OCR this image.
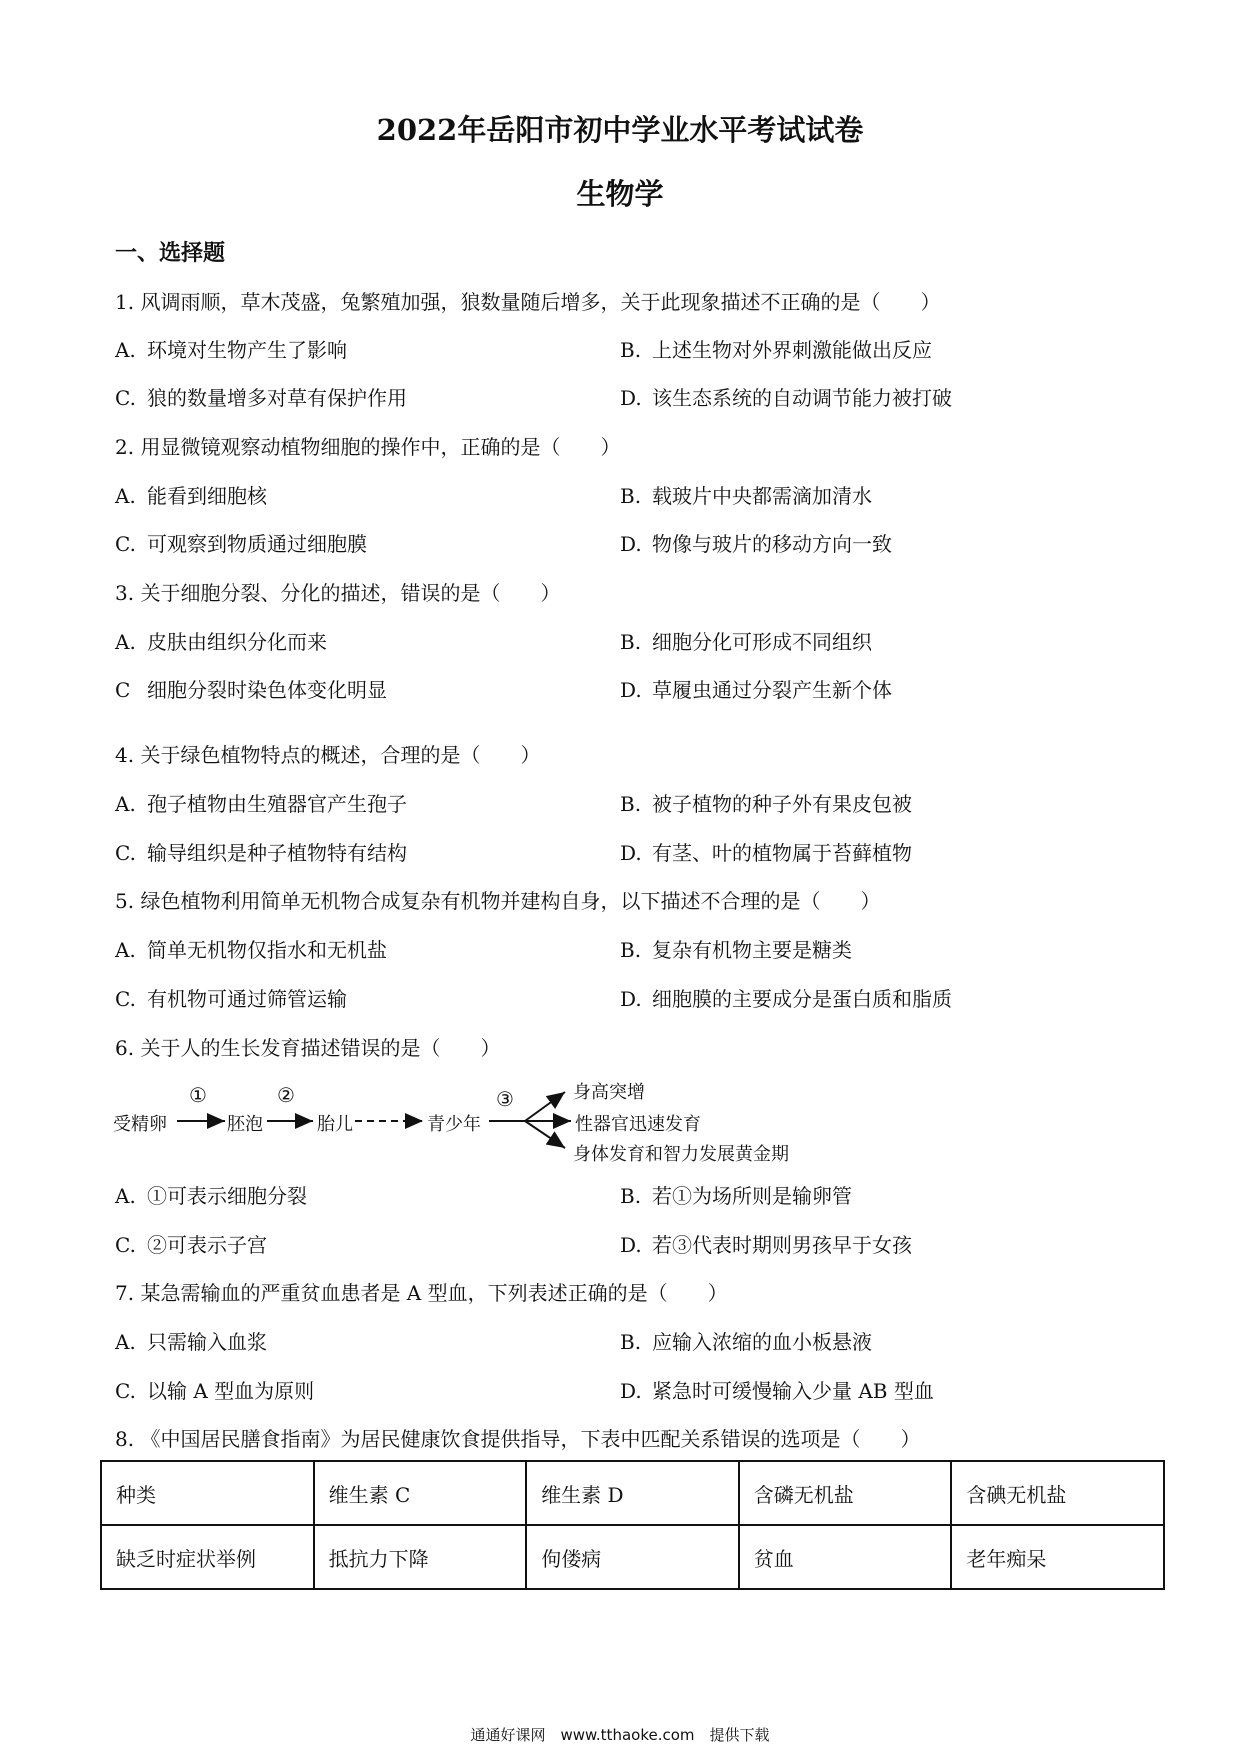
2022年岳阳市初中学业水平考试试卷
生物学
一、选择题
1. 风调雨顺，草木茂盛，兔繁殖加强，狼数量随后增多，关于此现象描述不正确的是（　　）
A. 环境对生物产生了影响	B. 上述生物对外界刺激能做出反应
C. 狼的数量增多对草有保护作用	D. 该生态系统的自动调节能力被打破
2. 用显微镜观察动植物细胞的操作中，正确的是（　　）
A. 能看到细胞核	B. 载玻片中央都需滴加清水
C. 可观察到物质通过细胞膜	D. 物像与玻片的移动方向一致
3. 关于细胞分裂、分化的描述，错误的是（　　）
A. 皮肤由组织分化而来	B. 细胞分化可形成不同组织
C 细胞分裂时染色体变化明显	D. 草履虫通过分裂产生新个体
4. 关于绿色植物特点的概述，合理的是（　　）
A. 孢子植物由生殖器官产生孢子	B. 被子植物的种子外有果皮包被
C. 输导组织是种子植物特有结构	D. 有茎、叶的植物属于苔藓植物
5. 绿色植物利用简单无机物合成复杂有机物并建构自身，以下描述不合理的是（　　）
A. 简单无机物仅指水和无机盐	B. 复杂有机物主要是糖类
C. 有机物可通过筛管运输	D. 细胞膜的主要成分是蛋白质和脂质
6. 关于人的生长发育描述错误的是（　　）
受精卵	胚泡	胎儿	青少年
①	②	③	身高突增
性器官迅速发育
身体发育和智力发展黄金期
A. ①可表示细胞分裂	B. 若①为场所则是输卵管
C. ②可表示子宫	D. 若③代表时期则男孩早于女孩
7. 某急需输血的严重贫血患者是 A 型血，下列表述正确的是（　　）
A. 只需输入血浆	B. 应输入浓缩的血小板悬液
C. 以输 A 型血为原则	D. 紧急时可缓慢输入少量 AB 型血
8. 《中国居民膳食指南》为居民健康饮食提供指导，下表中匹配关系错误的选项是（　　）
种类	维生素 C	维生素 D	含磷无机盐	含碘无机盐
缺乏时症状举例	抵抗力下降	佝偻病	贫血	老年痴呆
通通好课网　www.tthaoke.com　提供下载
